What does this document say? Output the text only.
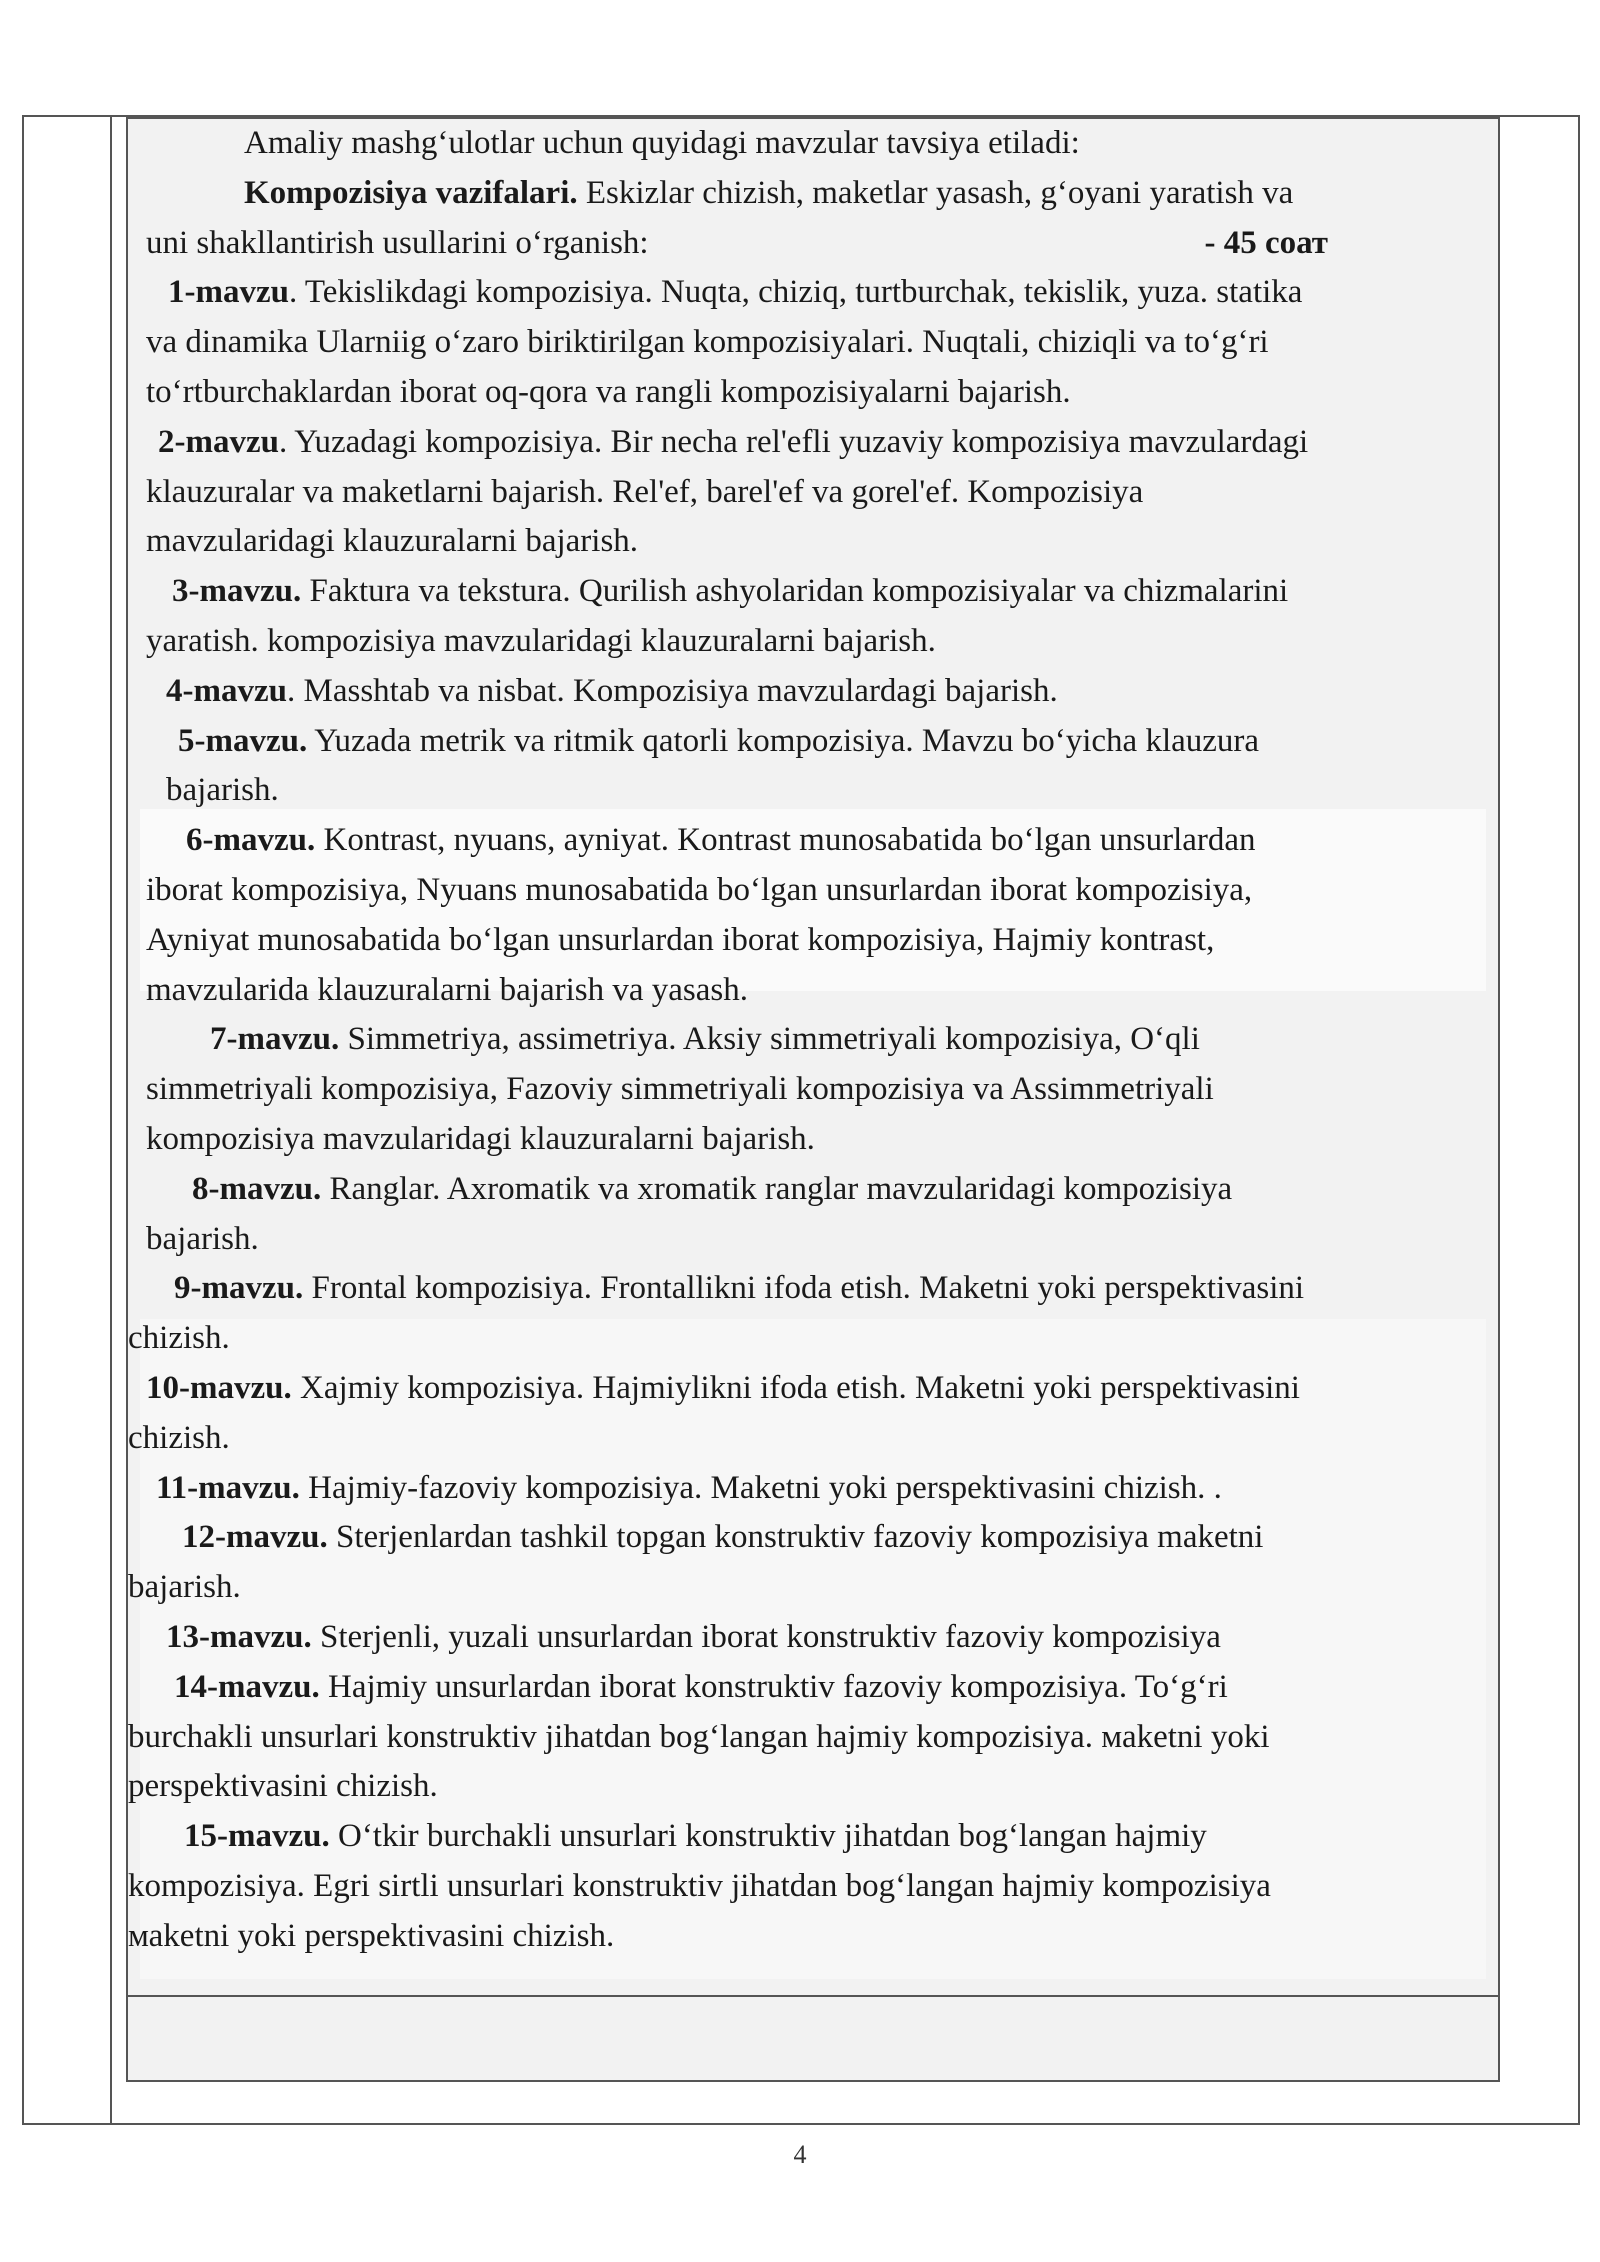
Amaliy mashg‘ulotlar uchun quyidagi mavzular tavsiya etiladi:

Kompozisiya vazifalari. Eskizlar chizish, maketlar yasash, g‘oyani yaratish va

uni shakllantirish usullarini o‘rganish:	- 45 соат

1-mavzu. Tekislikdagi kompozisiya. Nuqta, chiziq, turtburchak, tekislik, yuza. statika

va dinamika Ularniig o‘zaro biriktirilgan kompozisiyalari. Nuqtali, chiziqli va to‘g‘ri

to‘rtburchaklardan iborat oq-qora va rangli kompozisiyalarni bajarish.

2-mavzu. Yuzadagi kompozisiya. Bir necha rel'efli yuzaviy kompozisiya mavzulardagi

klauzuralar va maketlarni bajarish. Rel'ef, barel'ef va gorel'ef. Kompozisiya

mavzularidagi klauzuralarni bajarish.

3-mavzu. Faktura va tekstura. Qurilish ashyolaridan kompozisiyalar va chizmalarini

yaratish. kompozisiya mavzularidagi klauzuralarni bajarish.

4-mavzu. Masshtab va nisbat. Kompozisiya mavzulardagi bajarish.

5-mavzu. Yuzada metrik va ritmik qatorli kompozisiya. Mavzu bo‘yicha klauzura

bajarish.

6-mavzu. Kontrast, nyuans, ayniyat. Kontrast munosabatida bo‘lgan unsurlardan

iborat kompozisiya, Nyuans munosabatida bo‘lgan unsurlardan iborat kompozisiya,

Ayniyat munosabatida bo‘lgan unsurlardan iborat kompozisiya, Hajmiy kontrast,

mavzularida klauzuralarni bajarish va yasash.

7-mavzu. Simmetriya, assimetriya. Aksiy simmetriyali kompozisiya, O‘qli

simmetriyali kompozisiya, Fazoviy simmetriyali kompozisiya va Assimmetriyali

kompozisiya mavzularidagi klauzuralarni bajarish.

8-mavzu. Ranglar. Axromatik va xromatik ranglar mavzularidagi kompozisiya

bajarish.

9-mavzu. Frontal kompozisiya. Frontallikni ifoda etish. Maketni yoki perspektivasini

chizish.

10-mavzu. Xajmiy kompozisiya. Hajmiylikni ifoda etish. Maketni yoki perspektivasini

chizish.

11-mavzu. Hajmiy-fazoviy kompozisiya. Maketni yoki perspektivasini chizish. .

12-mavzu. Sterjenlardan tashkil topgan konstruktiv fazoviy kompozisiya maketni

bajarish.

13-mavzu. Sterjenli, yuzali unsurlardan iborat konstruktiv fazoviy kompozisiya

14-mavzu. Hajmiy unsurlardan iborat konstruktiv fazoviy kompozisiya. To‘g‘ri

burchakli unsurlari konstruktiv jihatdan bog‘langan hajmiy kompozisiya. маketni yoki

perspektivasini chizish.

15-mavzu. O‘tkir burchakli unsurlari konstruktiv jihatdan bog‘langan hajmiy

kompozisiya. Egri sirtli unsurlari konstruktiv jihatdan bog‘langan hajmiy kompozisiya

маketni yoki perspektivasini chizish.

4
